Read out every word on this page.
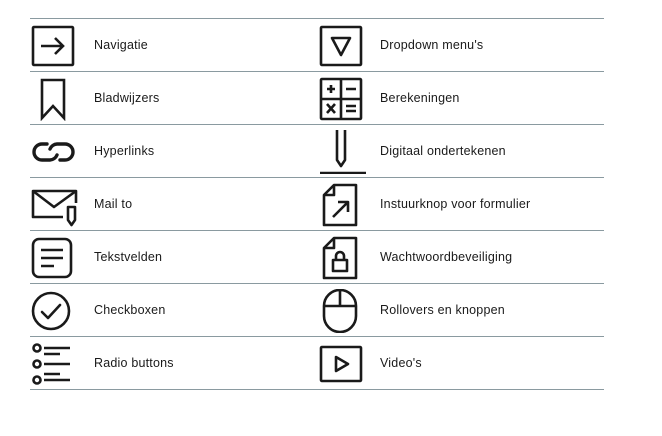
Navigatie
Bladwijzers
Hyperlinks
Mail to
Tekstvelden
Checkboxen
Radio buttons
Dropdown menu's
Berekeningen
Digitaal ondertekenen
Instuurknop voor formulier
Wachtwoordbeveiliging
Rollovers en knoppen
Video's
